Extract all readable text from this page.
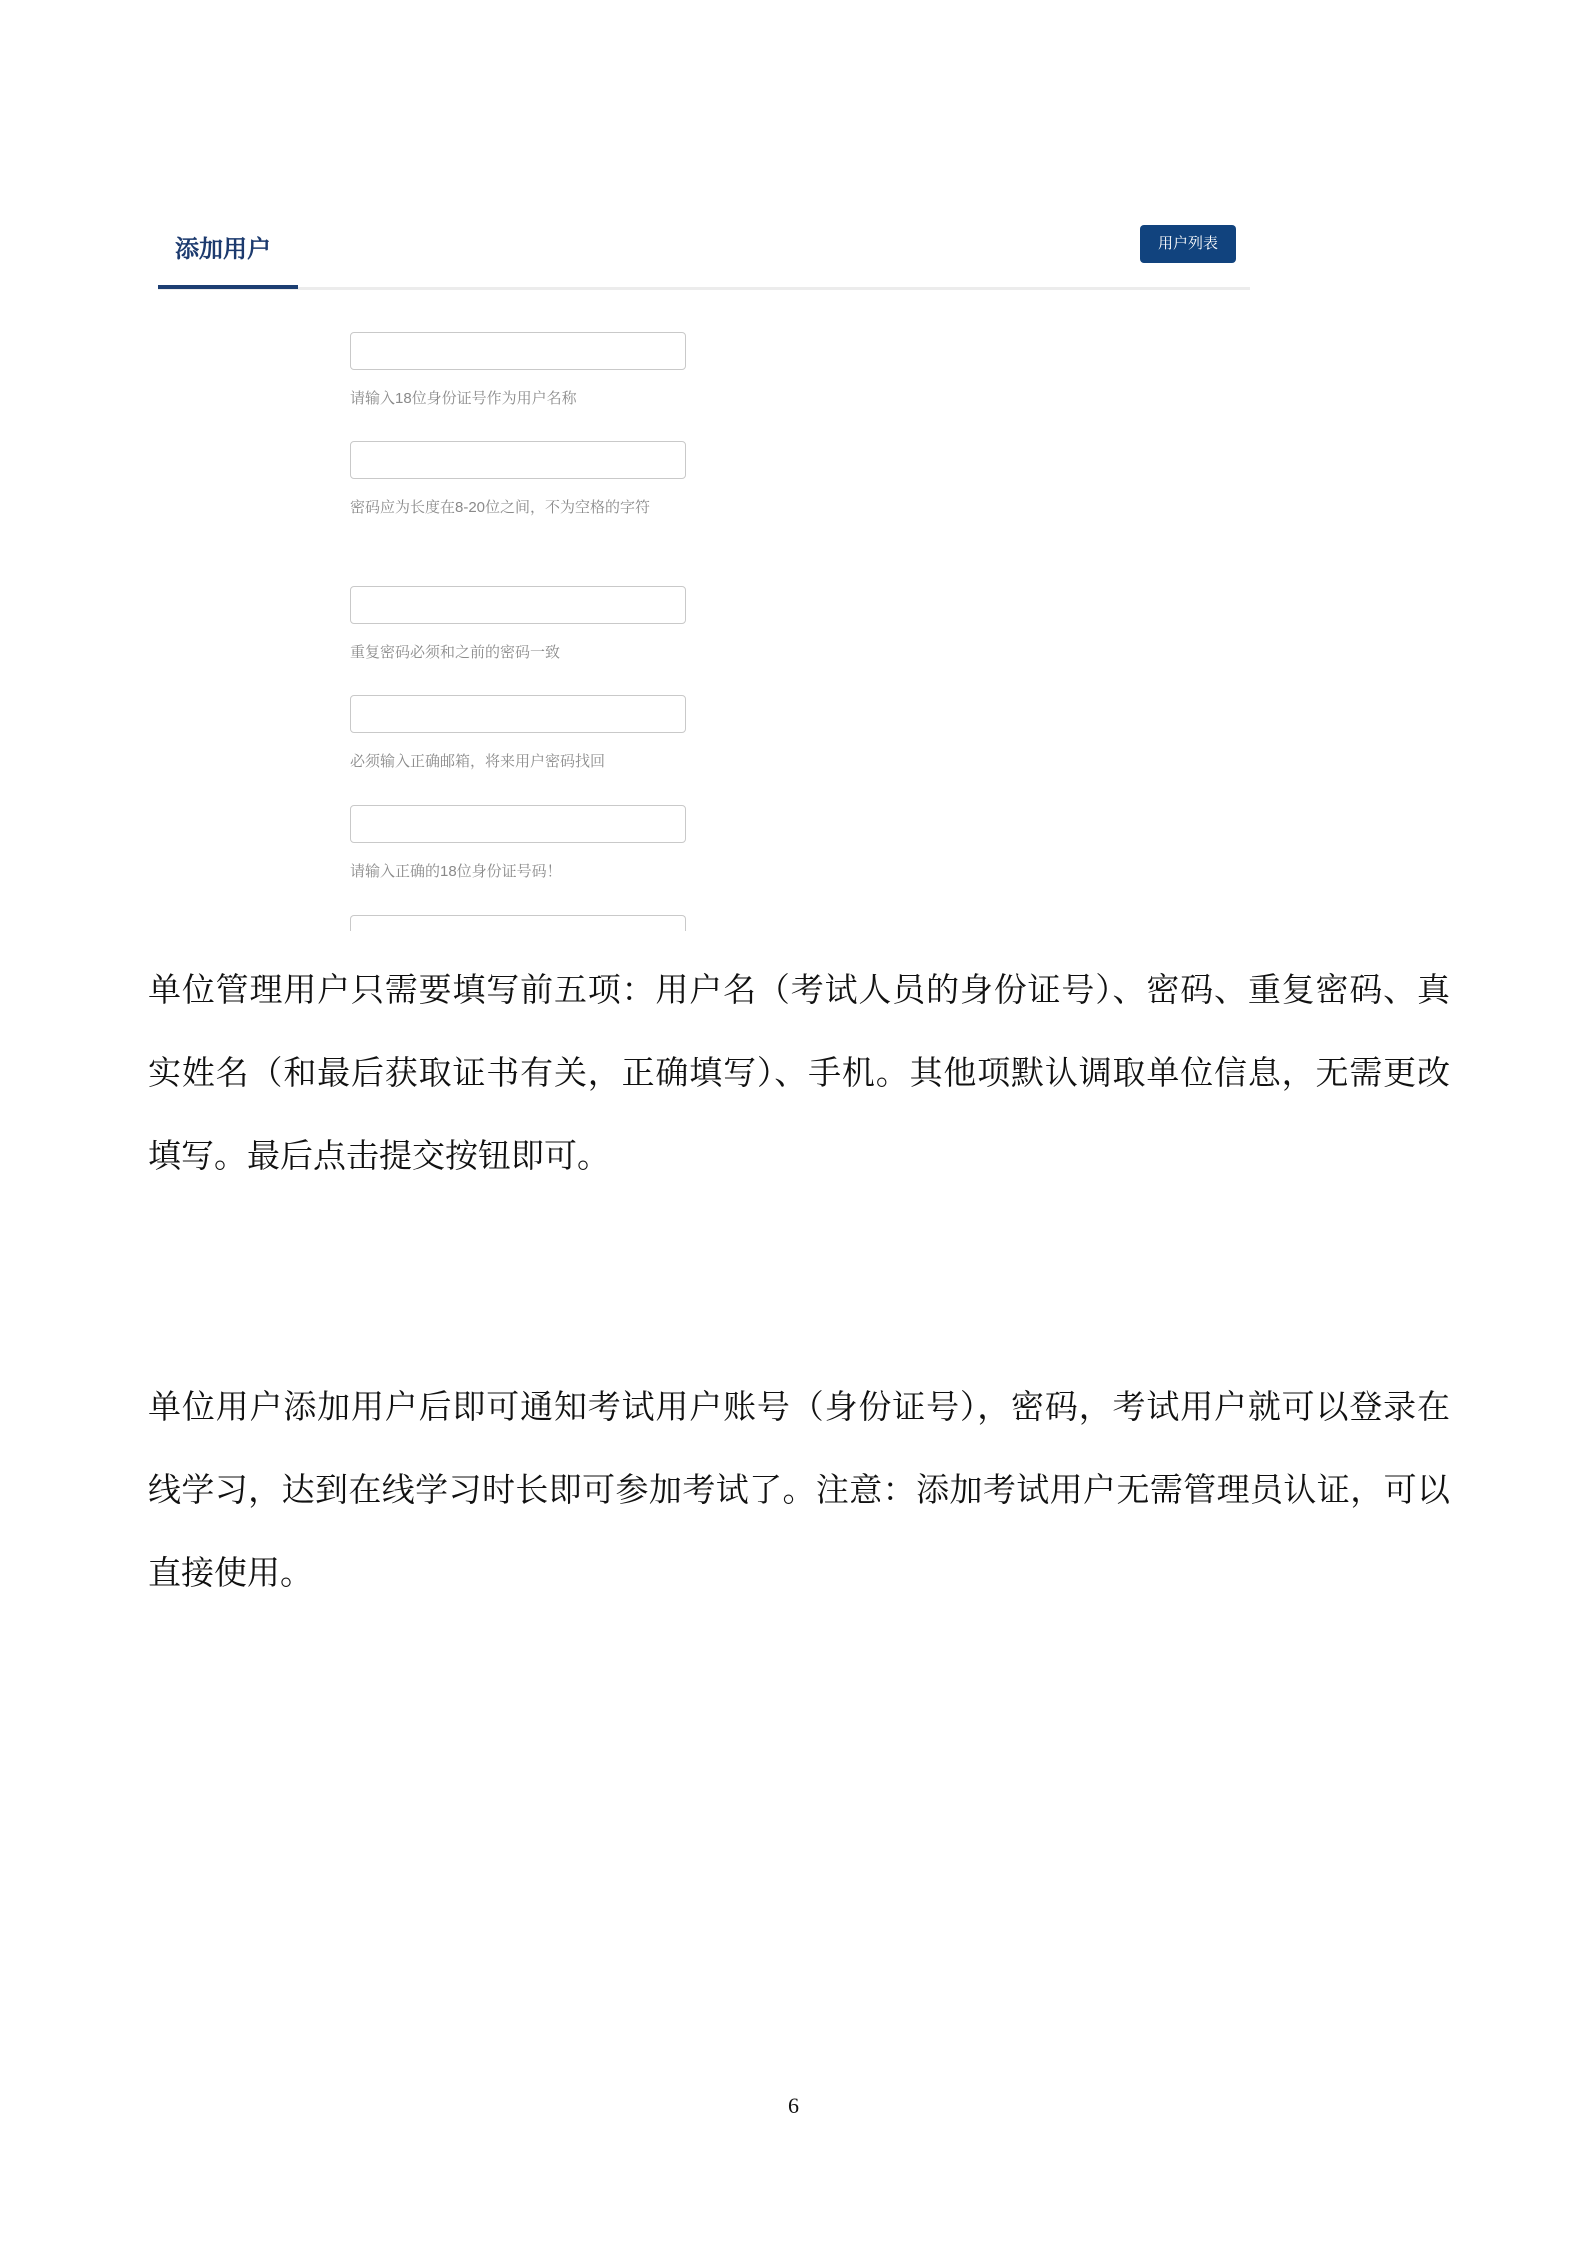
添加用户	用户列表
请输入18位身份证号作为用户名称
密码应为长度在8-20位之间，不为空格的字符
重复密码必须和之前的密码一致
必须输入正确邮箱，将来用户密码找回
请输入正确的18位身份证号码！

单位管理用户只需要填写前五项：用户名（考试人员的身份证号）、密码、重复密码、真实姓名（和最后获取证书有关，正确填写）、手机。其他项默认调取单位信息，无需更改填写。最后点击提交按钮即可。

单位用户添加用户后即可通知考试用户账号（身份证号），密码，考试用户就可以登录在线学习，达到在线学习时长即可参加考试了。注意：添加考试用户无需管理员认证，可以直接使用。

6
